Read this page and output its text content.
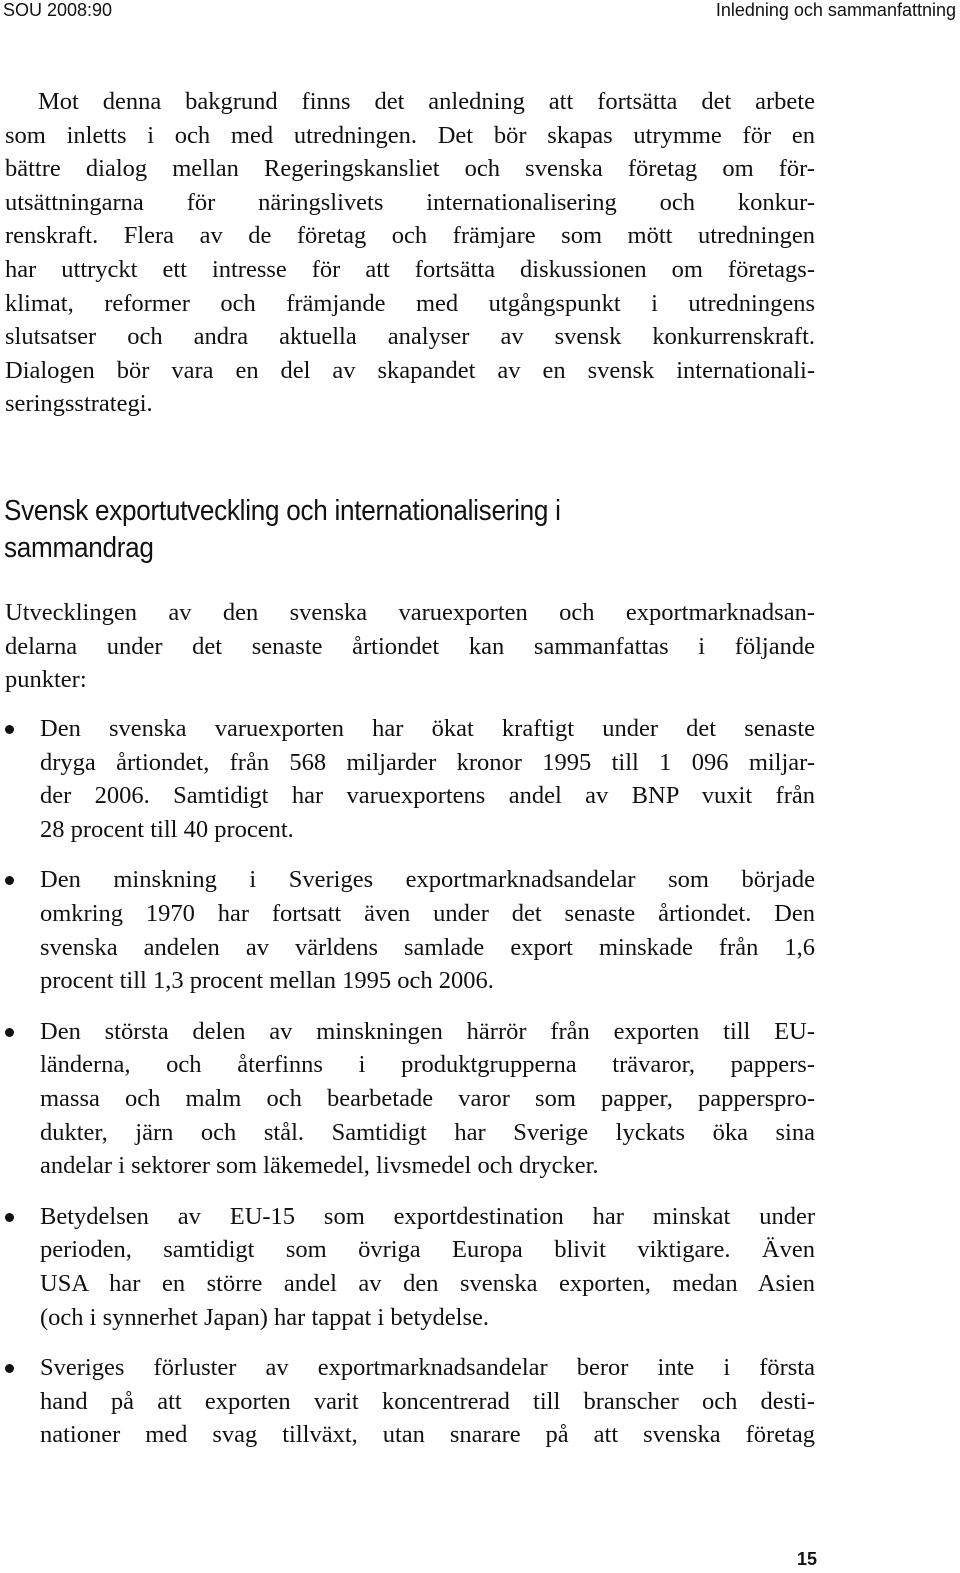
SOU 2008:90	Inledning och sammanfattning

Mot denna bakgrund finns det anledning att fortsätta det arbete
som inletts i och med utredningen. Det bör skapas utrymme för en
bättre dialog mellan Regeringskansliet och svenska företag om för-
utsättningarna för näringslivets internationalisering och konkur-
renskraft. Flera av de företag och främjare som mött utredningen
har uttryckt ett intresse för att fortsätta diskussionen om företags-
klimat, reformer och främjande med utgångspunkt i utredningens
slutsatser och andra aktuella analyser av svensk konkurrenskraft.
Dialogen bör vara en del av skapandet av en svensk internationali-
seringsstrategi.

Svensk exportutveckling och internationalisering i
sammandrag

Utvecklingen av den svenska varuexporten och exportmarknadsan-
delarna under det senaste årtiondet kan sammanfattas i följande
punkter:

Den svenska varuexporten har ökat kraftigt under det senaste
dryga årtiondet, från 568 miljarder kronor 1995 till 1 096 miljar-
der 2006. Samtidigt har varuexportens andel av BNP vuxit från
28 procent till 40 procent.
Den minskning i Sveriges exportmarknadsandelar som började
omkring 1970 har fortsatt även under det senaste årtiondet. Den
svenska andelen av världens samlade export minskade från 1,6
procent till 1,3 procent mellan 1995 och 2006.
Den största delen av minskningen härrör från exporten till EU-
länderna, och återfinns i produktgrupperna trävaror, pappers-
massa och malm och bearbetade varor som papper, papperspro-
dukter, järn och stål. Samtidigt har Sverige lyckats öka sina
andelar i sektorer som läkemedel, livsmedel och drycker.
Betydelsen av EU-15 som exportdestination har minskat under
perioden, samtidigt som övriga Europa blivit viktigare. Även
USA har en större andel av den svenska exporten, medan Asien
(och i synnerhet Japan) har tappat i betydelse.
Sveriges förluster av exportmarknadsandelar beror inte i första
hand på att exporten varit koncentrerad till branscher och desti-
nationer med svag tillväxt, utan snarare på att svenska företag
15
